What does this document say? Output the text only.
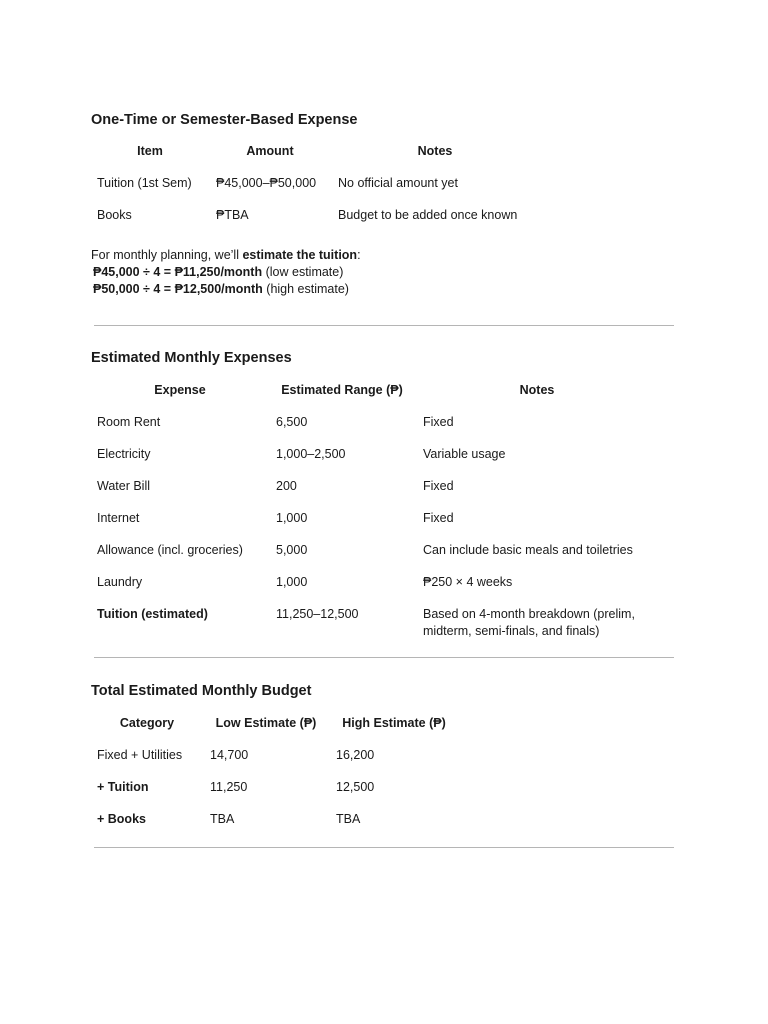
One-Time or Semester-Based Expense
Item	Amount	Notes
Tuition (1st Sem) ₱45,000–₱50,000 No official amount yet
Books	₱TBA	Budget to be added once known
For monthly planning, we’ll estimate the tuition:
₱45,000 ÷ 4 = ₱11,250/month (low estimate)
₱50,000 ÷ 4 = ₱12,500/month (high estimate)
Estimated Monthly Expenses
Expense	Estimated Range (₱)	Notes
Room Rent	6,500	Fixed
Electricity	1,000–2,500	Variable usage
Water Bill	200	Fixed
Internet	1,000	Fixed
Allowance (incl. groceries)	5,000	Can include basic meals and toiletries
Laundry	1,000	₱250 × 4 weeks
Tuition (estimated)	11,250–12,500	Based on 4-month breakdown (prelim,
midterm, semi-finals, and finals)
Total Estimated Monthly Budget
Category	Low Estimate (₱)	High Estimate (₱)
Fixed + Utilities 14,700	16,200
+ Tuition	11,250	12,500
+ Books	TBA	TBA
